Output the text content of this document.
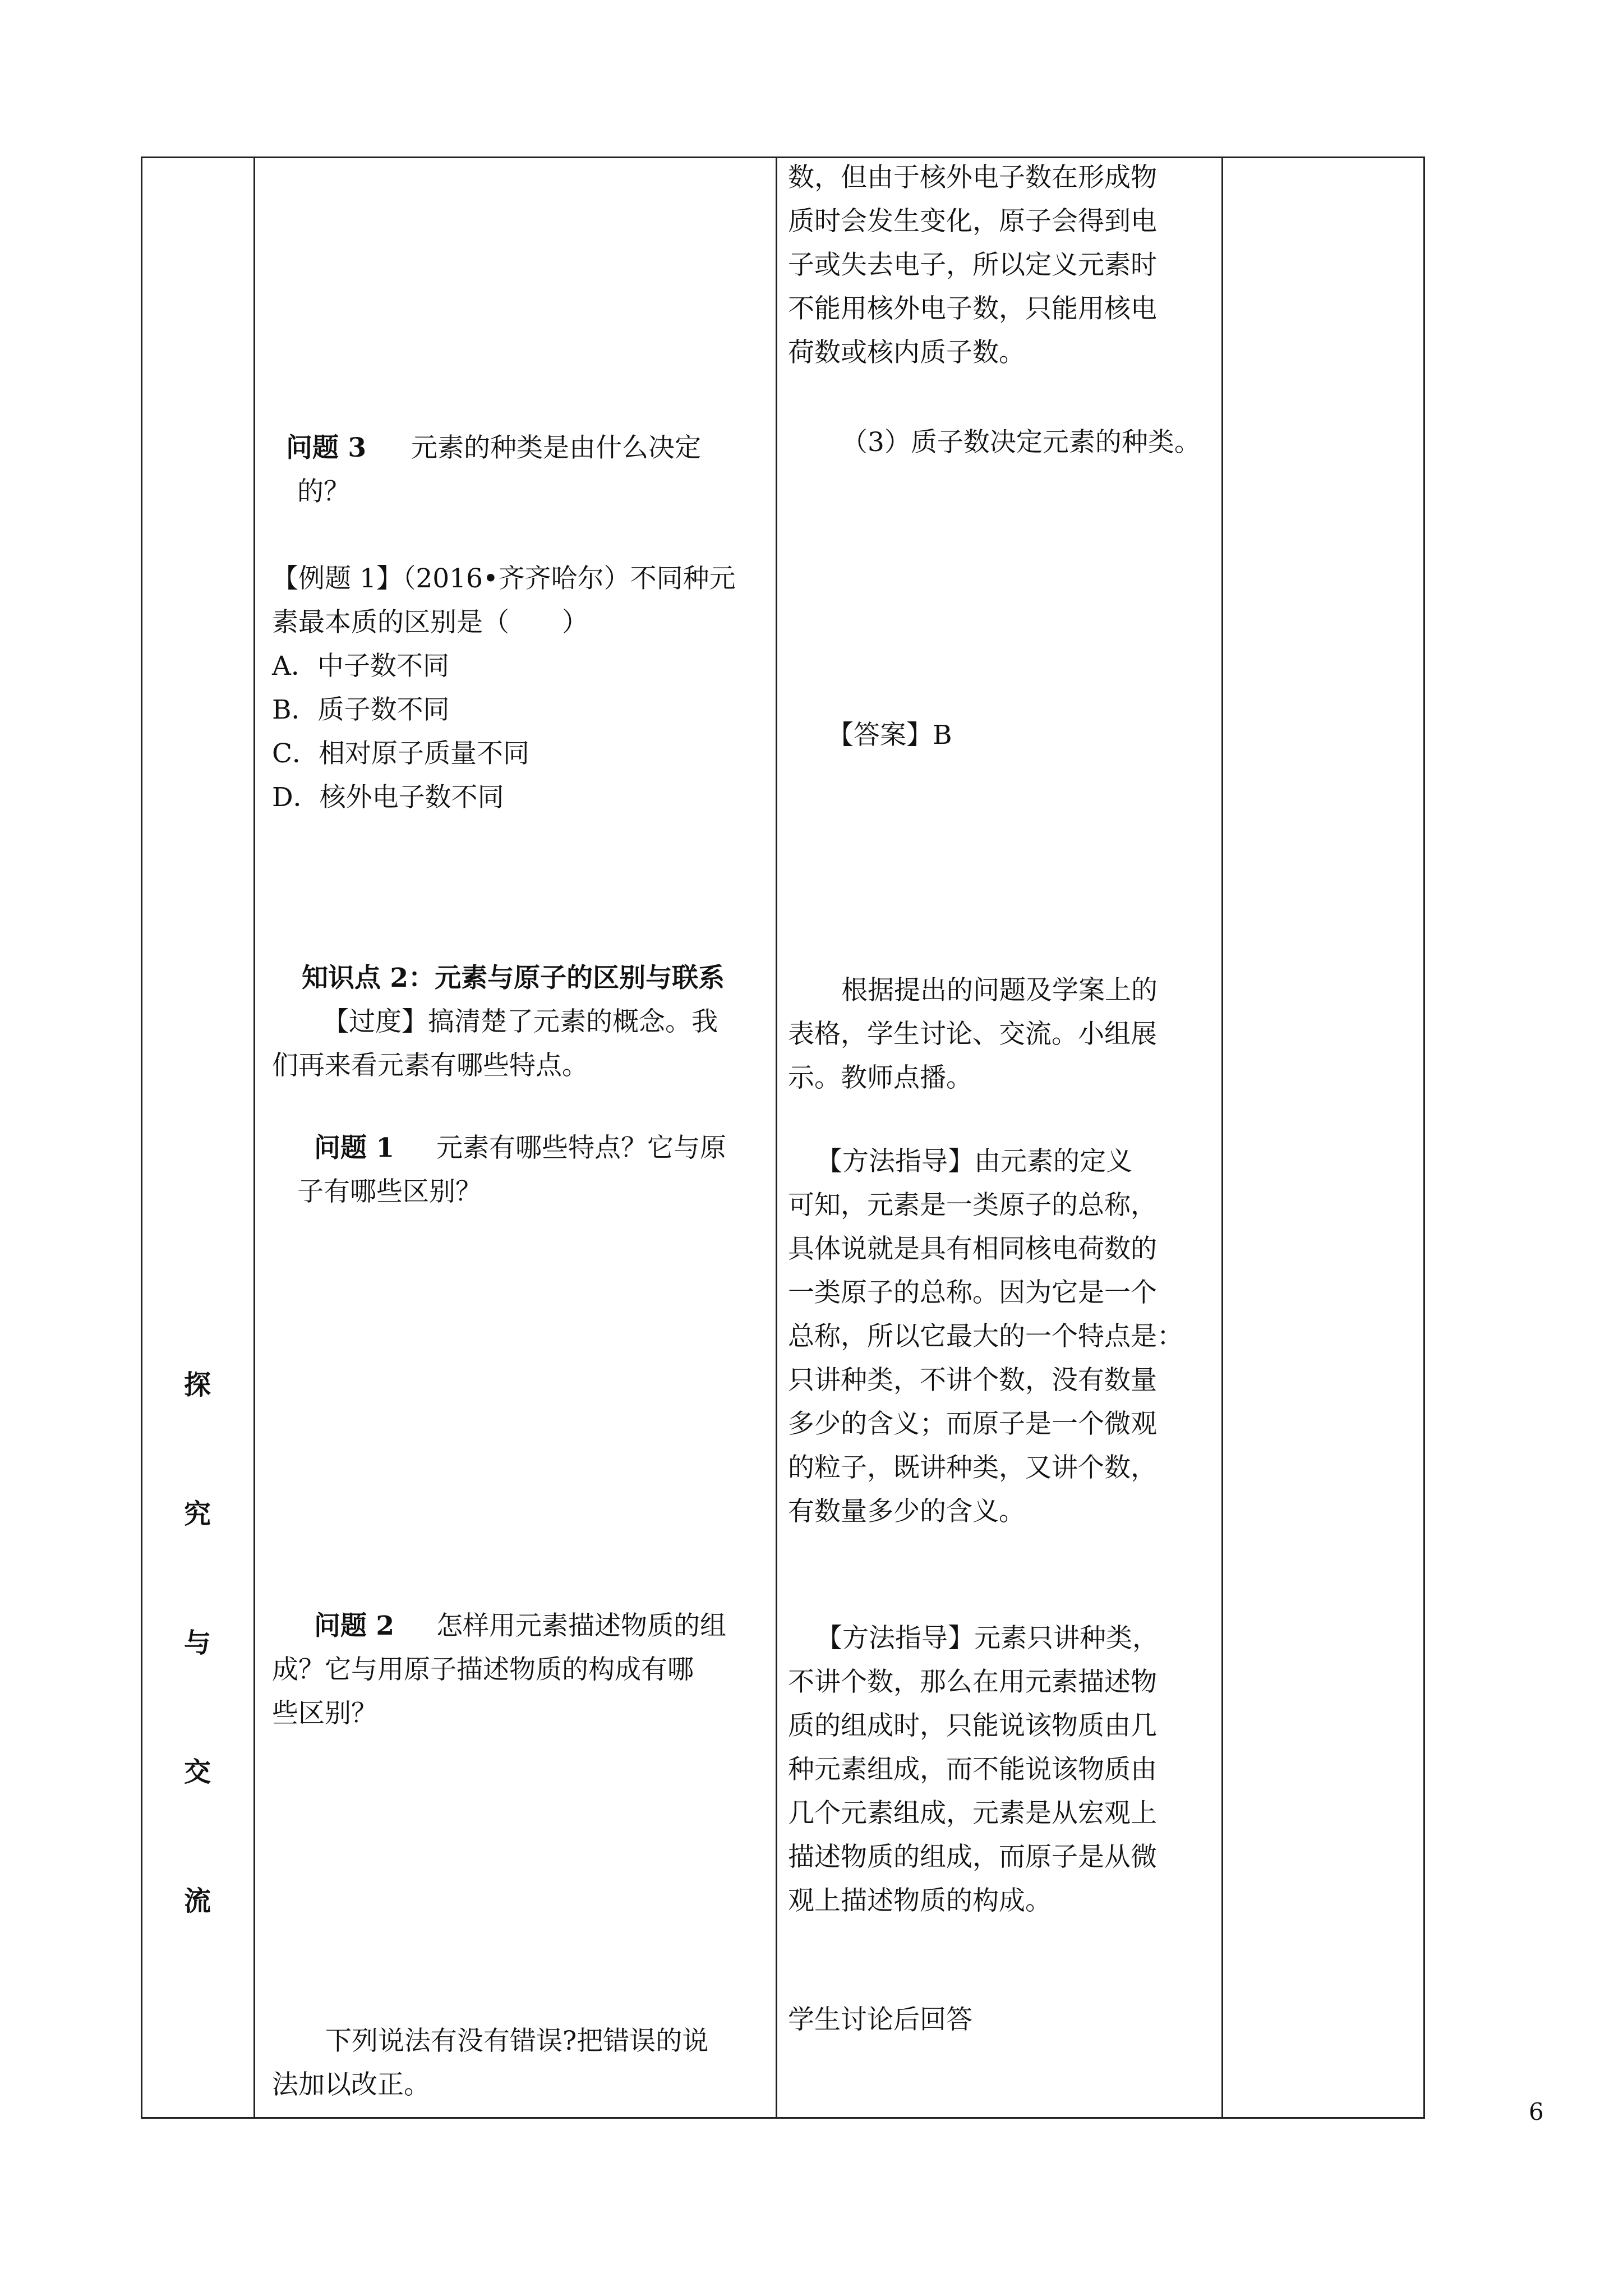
探
究
与
交
流
问题 3 元素的种类是由什么决定
的？
【例题 1】（2016•齐齐哈尔）不同种元
素最本质的区别是（　　）
A．中子数不同
B．质子数不同
C．相对原子质量不同
D．核外电子数不同
知识点 2：元素与原子的区别与联系
【过度】搞清楚了元素的概念。我
们再来看元素有哪些特点。
问题 1 元素有哪些特点？它与原
子有哪些区别？
问题 2 怎样用元素描述物质的组
成？它与用原子描述物质的构成有哪
些区别？
下列说法有没有错误?把错误的说
法加以改正。
数，但由于核外电子数在形成物
质时会发生变化，原子会得到电
子或失去电子，所以定义元素时
不能用核外电子数，只能用核电
荷数或核内质子数。
（3）质子数决定元素的种类。
【答案】B
根据提出的问题及学案上的
表格，学生讨论、交流。小组展
示。教师点播。
【方法指导】由元素的定义
可知，元素是一类原子的总称，
具体说就是具有相同核电荷数的
一类原子的总称。因为它是一个
总称，所以它最大的一个特点是：
只讲种类，不讲个数，没有数量
多少的含义；而原子是一个微观
的粒子，既讲种类，又讲个数，
有数量多少的含义。
【方法指导】元素只讲种类，
不讲个数，那么在用元素描述物
质的组成时，只能说该物质由几
种元素组成，而不能说该物质由
几个元素组成，元素是从宏观上
描述物质的组成，而原子是从微
观上描述物质的构成。
学生讨论后回答
6
